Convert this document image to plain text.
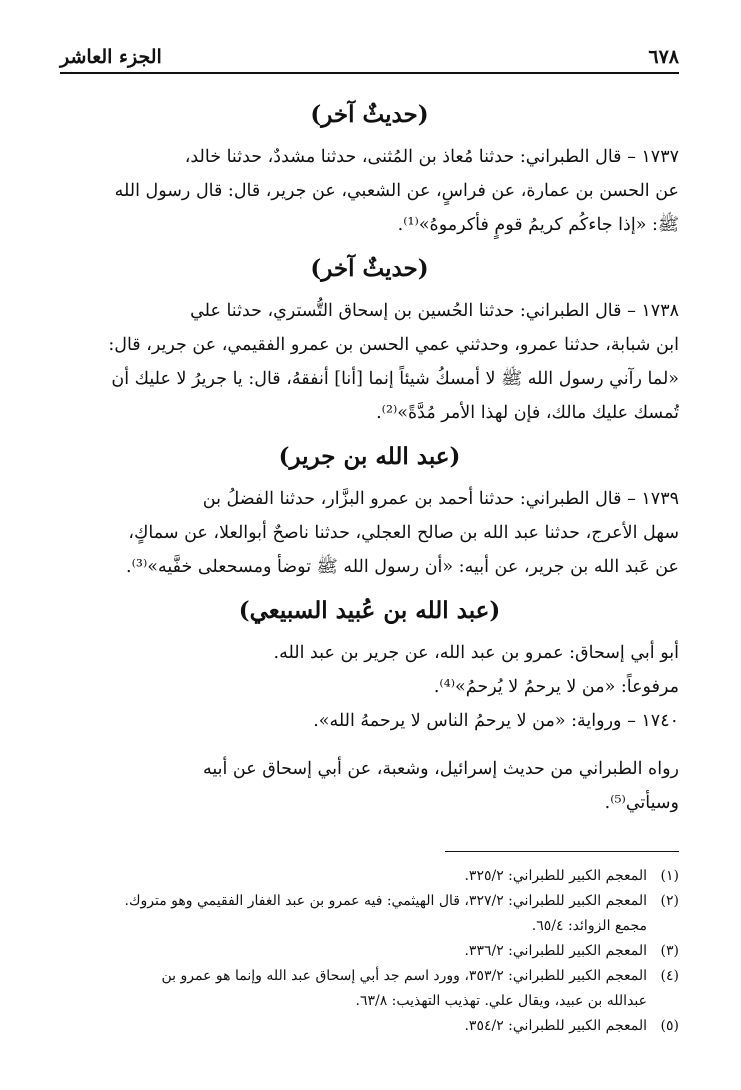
٦٧٨
الجزء العاشر
(حديثٌ آخر)

١٧٣٧ – قال الطبراني: حدثنا مُعاذ بن المُثنى، حدثنا مشددٌ، حدثنا خالد،

عن الحسن بن عمارة، عن فراسٍ، عن الشعبي، عن جرير، قال: قال رسول الله

ﷺ: «إذا جاءكُم كريمُ قومٍ فأكرموهُ»⁽¹⁾.

(حديثٌ آخر)

١٧٣٨ – قال الطبراني: حدثنا الحُسين بن إسحاق التُّستري، حدثنا علي

ابن شبابة، حدثنا عمرو، وحدثني عمي الحسن بن عمرو الفقيمي، عن جرير، قال:

«لما رآني رسول الله ﷺ لا أمسكُ شيئاً إنما [أنا] أنفقهُ، قال: يا جريرُ لا عليك أن

تُمسك عليك مالك، فإن لهذا الأمر مُدَّةً»⁽²⁾.

(عبد الله بن جرير)

١٧٣٩ – قال الطبراني: حدثنا أحمد بن عمرو البزَّار، حدثنا الفضلُ بن

سهل الأعرج، حدثنا عبد الله بن صالح العجلي، حدثنا ناصحٌ أبوالعلا، عن سماكٍ،

عن عَبد الله بن جرير، عن أبيه: «أن رسول الله ﷺ توضأ ومسحعلى خفَّيه»⁽³⁾.

(عبد الله بن عُبيد السبيعي)

أبو أبي إسحاق: عمرو بن عبد الله، عن جرير بن عبد الله.

مرفوعاً: «من لا يرحمُ لا يُرحمُ»⁽⁴⁾.

١٧٤٠ – ورواية: «من لا يرحمُ الناس لا يرحمهُ الله».

رواه الطبراني من حديث إسرائيل، وشعبة، عن أبي إسحاق عن أبيه

وسيأتي⁽⁵⁾.

(١)
المعجم الكبير للطبراني: ٣٢٥/٢.
(٢)
المعجم الكبير للطبراني: ٣٢٧/٢، قال الهيثمي: فيه عمرو بن عبد الغفار الفقيمي وهو متروك.
مجمع الزوائد: ٦٥/٤.
(٣)
المعجم الكبير للطبراني: ٣٣٦/٢.
(٤)
المعجم الكبير للطبراني: ٣٥٣/٢، وورد اسم جد أبي إسحاق عبد الله وإنما هو عمرو بن
عبدالله بن عبيد، ويقال علي. تهذيب التهذيب: ٦٣/٨.
(٥)
المعجم الكبير للطبراني: ٣٥٤/٢.
